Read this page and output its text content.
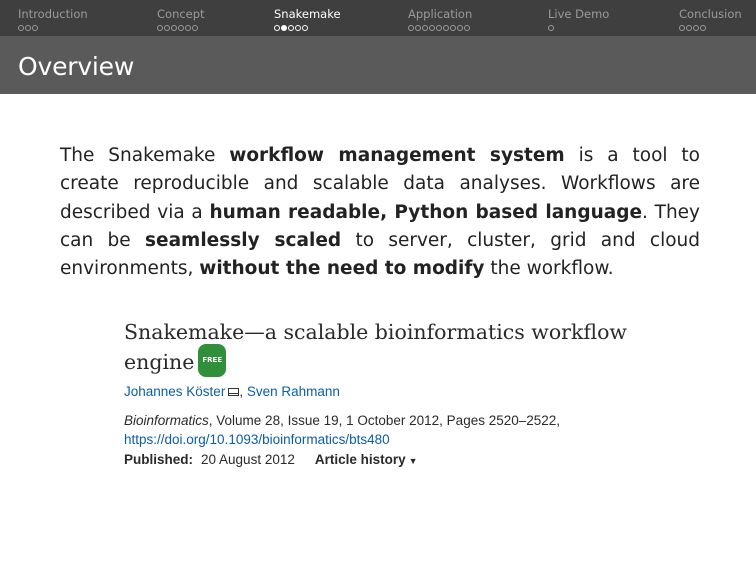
Introduction	Concept	Snakemake	Application	Live Demo	Conclusion
Overview
The Snakemake workflow management system is a tool to create reproducible and scalable data analyses. Workflows are described via a human readable, Python based language. They can be seamlessly scaled to server, cluster, grid and cloud environments, without the need to modify the workflow.
Snakemake—a scalable bioinformatics workflow engine FREE
Johannes Köster , Sven Rahmann
Bioinformatics, Volume 28, Issue 19, 1 October 2012, Pages 2520–2522,
https://doi.org/10.1093/bioinformatics/bts480
Published: 20 August 2012 Article history ▼
